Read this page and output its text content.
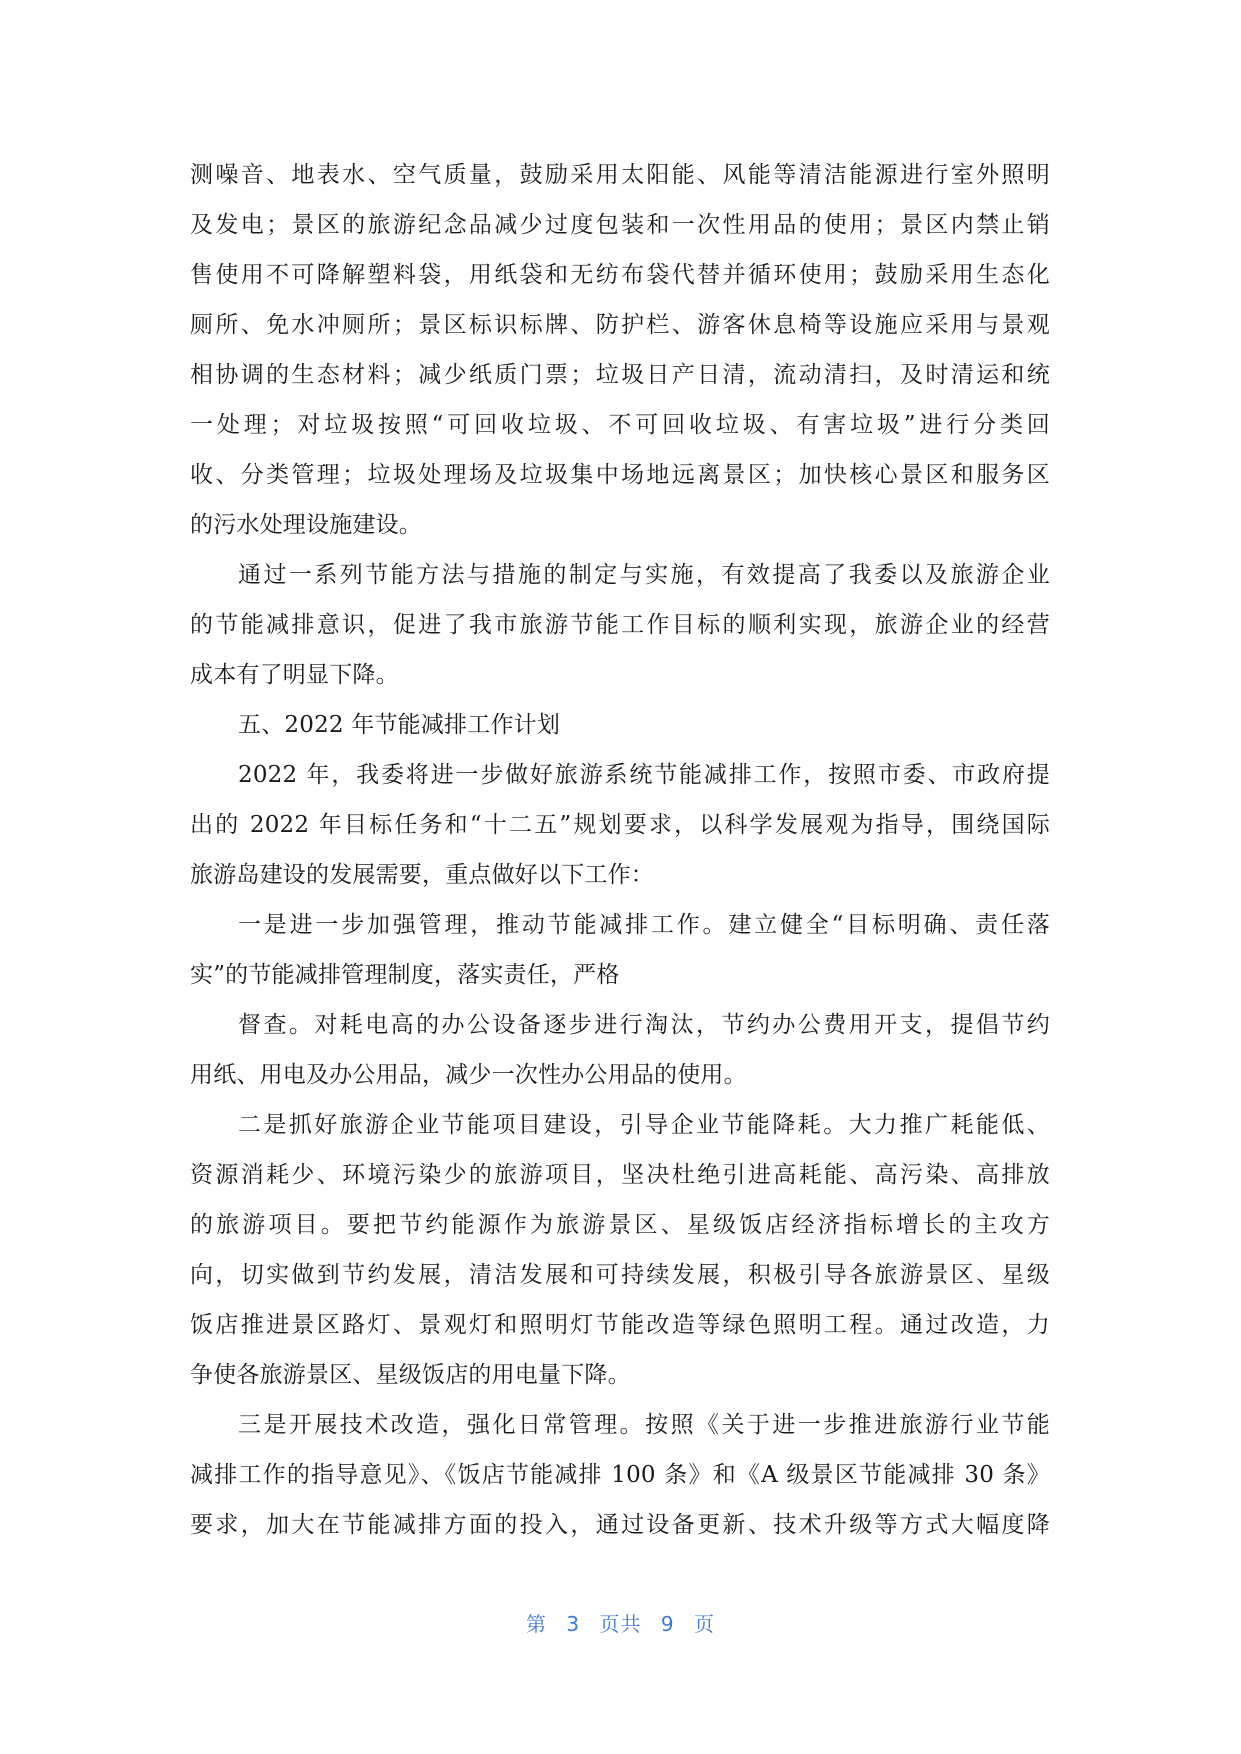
测噪音、地表水、空气质量，鼓励采用太阳能、风能等清洁能源进行室外照明
及发电；景区的旅游纪念品减少过度包装和一次性用品的使用；景区内禁止销
售使用不可降解塑料袋，用纸袋和无纺布袋代替并循环使用；鼓励采用生态化
厕所、免水冲厕所；景区标识标牌、防护栏、游客休息椅等设施应采用与景观
相协调的生态材料；减少纸质门票；垃圾日产日清，流动清扫，及时清运和统
一处理；对垃圾按照“可回收垃圾、不可回收垃圾、有害垃圾”进行分类回
收、分类管理；垃圾处理场及垃圾集中场地远离景区；加快核心景区和服务区
的污水处理设施建设。
通过一系列节能方法与措施的制定与实施，有效提高了我委以及旅游企业
的节能减排意识，促进了我市旅游节能工作目标的顺利实现，旅游企业的经营
成本有了明显下降。
五、2022 年节能减排工作计划
2022 年，我委将进一步做好旅游系统节能减排工作，按照市委、市政府提
出的 2022 年目标任务和“十二五”规划要求，以科学发展观为指导，围绕国际
旅游岛建设的发展需要，重点做好以下工作：
一是进一步加强管理，推动节能减排工作。建立健全“目标明确、责任落
实”的节能减排管理制度，落实责任，严格
督查。对耗电高的办公设备逐步进行淘汰，节约办公费用开支，提倡节约
用纸、用电及办公用品，减少一次性办公用品的使用。
二是抓好旅游企业节能项目建设，引导企业节能降耗。大力推广耗能低、
资源消耗少、环境污染少的旅游项目，坚决杜绝引进高耗能、高污染、高排放
的旅游项目。要把节约能源作为旅游景区、星级饭店经济指标增长的主攻方
向，切实做到节约发展，清洁发展和可持续发展，积极引导各旅游景区、星级
饭店推进景区路灯、景观灯和照明灯节能改造等绿色照明工程。通过改造，力
争使各旅游景区、星级饭店的用电量下降。
三是开展技术改造，强化日常管理。按照《关于进一步推进旅游行业节能
减排工作的指导意见》、《饭店节能减排 100 条》和《A 级景区节能减排 30 条》
要求，加大在节能减排方面的投入，通过设备更新、技术升级等方式大幅度降
第 3 页共 9 页
